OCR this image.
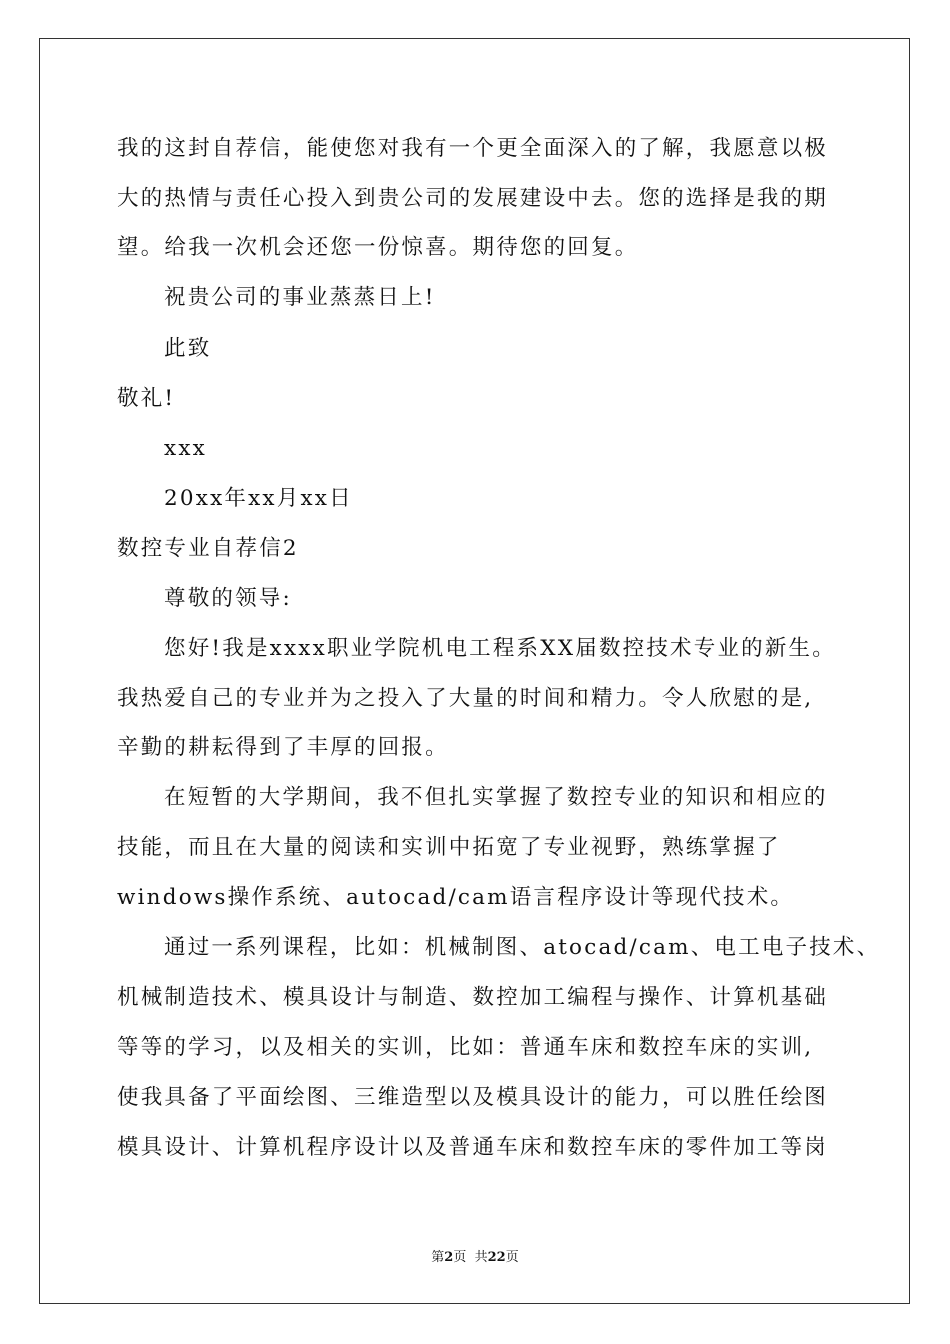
我的这封自荐信，能使您对我有一个更全面深入的了解，我愿意以极
大的热情与责任心投入到贵公司的发展建设中去。您的选择是我的期
望。给我一次机会还您一份惊喜。期待您的回复。
祝贵公司的事业蒸蒸日上!
此致
敬礼!
xxx
20xx年xx月xx日
数控专业自荐信2
尊敬的领导:
您好!我是xxxx职业学院机电工程系XX届数控技术专业的新生。
我热爱自己的专业并为之投入了大量的时间和精力。令人欣慰的是,
辛勤的耕耘得到了丰厚的回报。
在短暂的大学期间，我不但扎实掌握了数控专业的知识和相应的
技能，而且在大量的阅读和实训中拓宽了专业视野，熟练掌握了
windows操作系统、autocad/cam语言程序设计等现代技术。
通过一系列课程，比如：机械制图、atocad/cam、电工电子技术、
机械制造技术、模具设计与制造、数控加工编程与操作、计算机基础
等等的学习，以及相关的实训，比如：普通车床和数控车床的实训,
使我具备了平面绘图、三维造型以及模具设计的能力，可以胜任绘图
模具设计、计算机程序设计以及普通车床和数控车床的零件加工等岗
第2页  共22页
